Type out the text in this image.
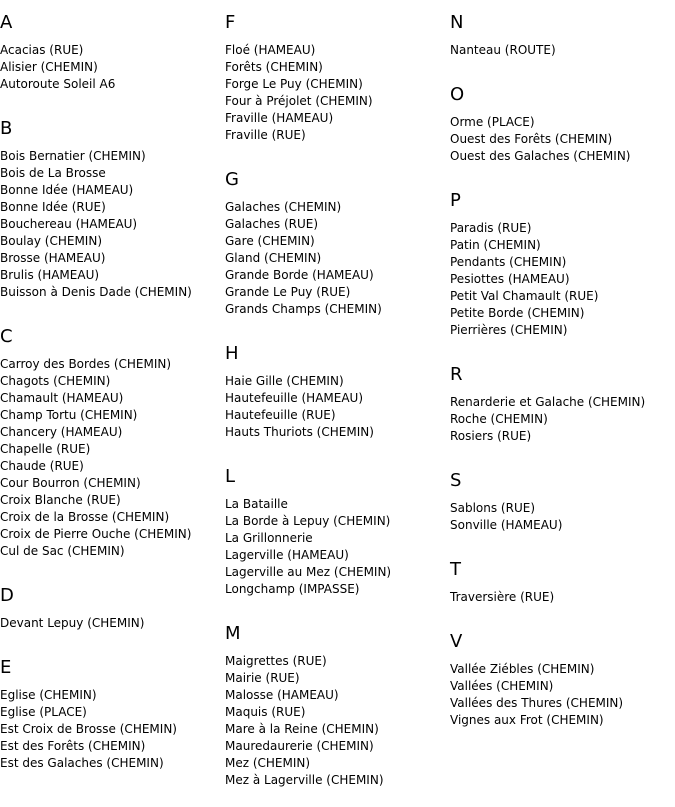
A
Acacias (RUE)
Alisier (CHEMIN)
Autoroute Soleil A6
B
Bois Bernatier (CHEMIN)
Bois de La Brosse
Bonne Idée (HAMEAU)
Bonne Idée (RUE)
Bouchereau (HAMEAU)
Boulay (CHEMIN)
Brosse (HAMEAU)
Brulis (HAMEAU)
Buisson à Denis Dade (CHEMIN)
C
Carroy des Bordes (CHEMIN)
Chagots (CHEMIN)
Chamault (HAMEAU)
Champ Tortu (CHEMIN)
Chancery (HAMEAU)
Chapelle (RUE)
Chaude (RUE)
Cour Bourron (CHEMIN)
Croix Blanche (RUE)
Croix de la Brosse (CHEMIN)
Croix de Pierre Ouche (CHEMIN)
Cul de Sac (CHEMIN)
D
Devant Lepuy (CHEMIN)
E
Eglise (CHEMIN)
Eglise (PLACE)
Est Croix de Brosse (CHEMIN)
Est des Forêts (CHEMIN)
Est des Galaches (CHEMIN)
F
Floé (HAMEAU)
Forêts (CHEMIN)
Forge Le Puy (CHEMIN)
Four à Préjolet (CHEMIN)
Fraville (HAMEAU)
Fraville (RUE)
G
Galaches (CHEMIN)
Galaches (RUE)
Gare (CHEMIN)
Gland (CHEMIN)
Grande Borde (HAMEAU)
Grande Le Puy (RUE)
Grands Champs (CHEMIN)
H
Haie Gille (CHEMIN)
Hautefeuille (HAMEAU)
Hautefeuille (RUE)
Hauts Thuriots (CHEMIN)
L
La Bataille
La Borde à Lepuy (CHEMIN)
La Grillonnerie
Lagerville (HAMEAU)
Lagerville au Mez (CHEMIN)
Longchamp (IMPASSE)
M
Maigrettes (RUE)
Mairie (RUE)
Malosse (HAMEAU)
Maquis (RUE)
Mare à la Reine (CHEMIN)
Mauredaurerie (CHEMIN)
Mez (CHEMIN)
Mez à Lagerville (CHEMIN)
N
Nanteau (ROUTE)
O
Orme (PLACE)
Ouest des Forêts (CHEMIN)
Ouest des Galaches (CHEMIN)
P
Paradis (RUE)
Patin (CHEMIN)
Pendants (CHEMIN)
Pesiottes (HAMEAU)
Petit Val Chamault (RUE)
Petite Borde (CHEMIN)
Pierrières (CHEMIN)
R
Renarderie et Galache (CHEMIN)
Roche (CHEMIN)
Rosiers (RUE)
S
Sablons (RUE)
Sonville (HAMEAU)
T
Traversière (RUE)
V
Vallée Ziébles (CHEMIN)
Vallées (CHEMIN)
Vallées des Thures (CHEMIN)
Vignes aux Frot (CHEMIN)
